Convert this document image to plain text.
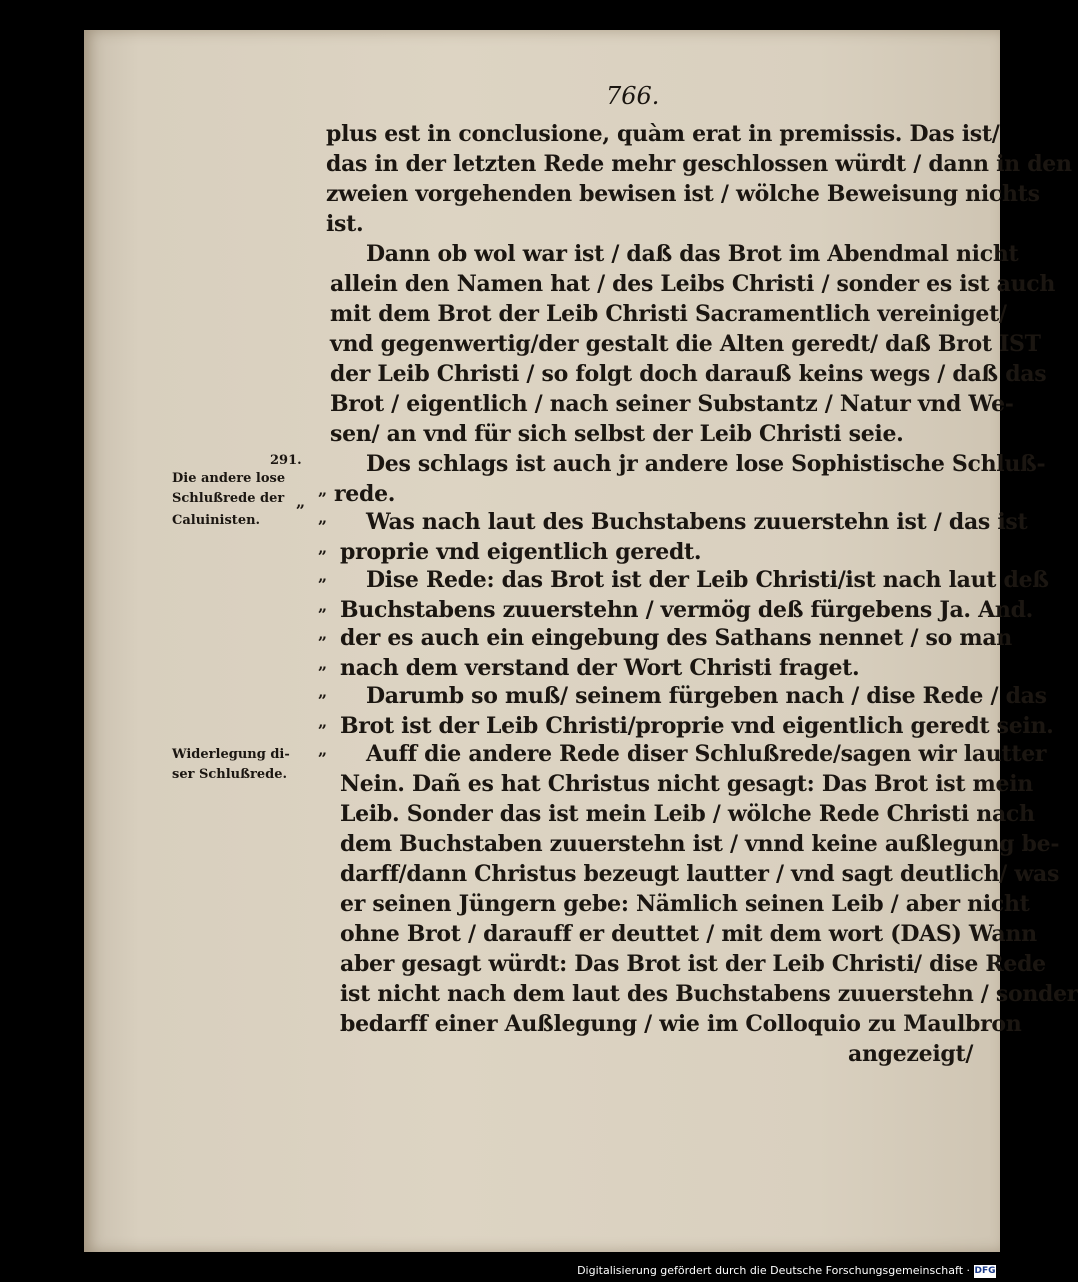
766.
plus est in conclusione, quàm erat in premissis. Das ist/
das in der letzten Rede mehr geschlossen würdt / dann in den
zweien vorgehenden bewisen ist / wölche Beweisung nichts
ist.
Dann ob wol war ist / daß das Brot im Abendmal nicht
allein den Namen hat / des Leibs Christi / sonder es ist auch
mit dem Brot der Leib Christi Sacramentlich vereiniget/
vnd gegenwertig/der gestalt die Alten geredt/ daß Brot IST
der Leib Christi / so folgt doch darauß keins wegs / daß das
Brot / eigentlich / nach seiner Substantz / Natur vnd We-
sen/ an vnd für sich selbst der Leib Christi seie.
Des schlags ist auch jr andere lose Sophistische Schluß-
rede.
Was nach laut des Buchstabens zuuerstehn ist / das ist
proprie vnd eigentlich geredt.
Dise Rede: das Brot ist der Leib Christi/ist nach laut deß
Buchstabens zuuerstehn / vermög deß fürgebens Ja. And.
der es auch ein eingebung des Sathans nennet / so man
nach dem verstand der Wort Christi fraget.
Darumb so muß/ seinem fürgeben nach / dise Rede / das
Brot ist der Leib Christi/proprie vnd eigentlich geredt sein.
Auff die andere Rede diser Schlußrede/sagen wir lautter
Nein. Dañ es hat Christus nicht gesagt: Das Brot ist mein
Leib. Sonder das ist mein Leib / wölche Rede Christi nach
dem Buchstaben zuuerstehn ist / vnnd keine außlegung be-
darff/dann Christus bezeugt lautter / vnd sagt deutlich/ was
er seinen Jüngern gebe: Nämlich seinen Leib / aber nicht
ohne Brot / darauff er deuttet / mit dem wort (DAS) Wann
aber gesagt würdt: Das Brot ist der Leib Christi/ dise Rede
ist nicht nach dem laut des Buchstabens zuuerstehn / sonder
bedarff einer Außlegung / wie im Colloquio zu Maulbron
angezeigt/
291.
Die andere lose
Schlußrede der
Caluinisten.
Widerlegung di-
ser Schlußrede.
„
„
„
„
„
„
„
„
„
„
„
Digitalisierung gefördert durch die Deutsche Forschungsgemeinschaft · DFG
